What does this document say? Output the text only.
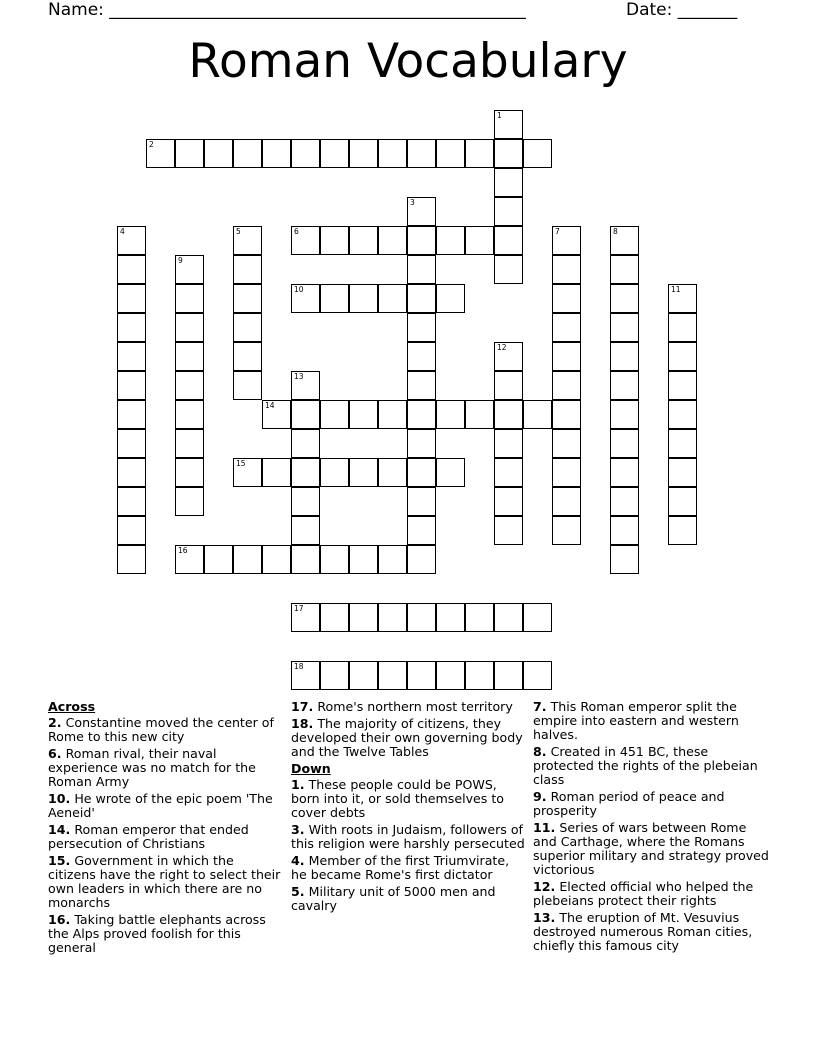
Name: _________________________________________________	Date: _______
Roman Vocabulary
1
2
3
4	5	6	7	8
9
10	11
12
13
14
15
16
17
18
Across
2. Constantine moved the center of Rome to this new city
6. Roman rival, their naval experience was no match for the Roman Army
10. He wrote of the epic poem 'The Aeneid'
14. Roman emperor that ended persecution of Christians
15. Government in which the citizens have the right to select their own leaders in which there are no monarchs
16. Taking battle elephants across the Alps proved foolish for this general
17. Rome's northern most territory
18. The majority of citizens, they developed their own governing body and the Twelve Tables
Down
1. These people could be POWS, born into it, or sold themselves to cover debts
3. With roots in Judaism, followers of this religion were harshly persecuted
4. Member of the first Triumvirate, he became Rome's first dictator
5. Military unit of 5000 men and cavalry
7. This Roman emperor split the empire into eastern and western halves.
8. Created in 451 BC, these protected the rights of the plebeian class
9. Roman period of peace and prosperity
11. Series of wars between Rome and Carthage, where the Romans superior military and strategy proved victorious
12. Elected official who helped the plebeians protect their rights
13. The eruption of Mt. Vesuvius destroyed numerous Roman cities, chiefly this famous city
